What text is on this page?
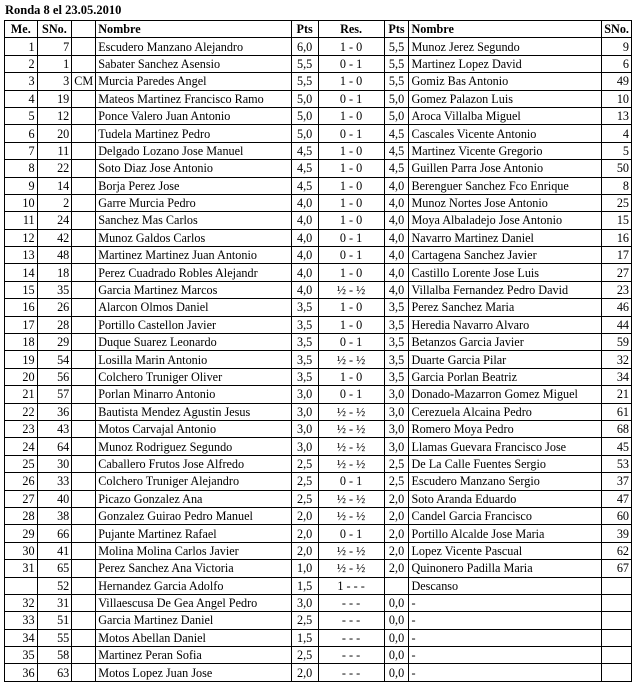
Ronda 8 el 23.05.2010
Me.	SNo.		Nombre	Pts	Res.	Pts	Nombre	SNo.
1	7		Escudero Manzano Alejandro	6,0	1 - 0	5,5	Munoz Jerez Segundo	9
2	1		Sabater Sanchez Asensio	5,5	0 - 1	5,5	Martinez Lopez David	6
3	3	CM	Murcia Paredes Angel	5,5	1 - 0	5,5	Gomiz Bas Antonio	49
4	19		Mateos Martinez Francisco Ramo	5,0	0 - 1	5,0	Gomez Palazon Luis	10
5	12		Ponce Valero Juan Antonio	5,0	1 - 0	5,0	Aroca Villalba Miguel	13
6	20		Tudela Martinez Pedro	5,0	0 - 1	4,5	Cascales Vicente Antonio	4
7	11		Delgado Lozano Jose Manuel	4,5	1 - 0	4,5	Martinez Vicente Gregorio	5
8	22		Soto Diaz Jose Antonio	4,5	1 - 0	4,5	Guillen Parra Jose Antonio	50
9	14		Borja Perez Jose	4,5	1 - 0	4,0	Berenguer Sanchez Fco Enrique	8
10	2		Garre Murcia Pedro	4,0	1 - 0	4,0	Munoz Nortes Jose Antonio	25
11	24		Sanchez Mas Carlos	4,0	1 - 0	4,0	Moya Albaladejo Jose Antonio	15
12	42		Munoz Galdos Carlos	4,0	0 - 1	4,0	Navarro Martinez Daniel	16
13	48		Martinez Martinez Juan Antonio	4,0	0 - 1	4,0	Cartagena Sanchez Javier	17
14	18		Perez Cuadrado Robles Alejandr	4,0	1 - 0	4,0	Castillo Lorente Jose Luis	27
15	35		Garcia Martinez Marcos	4,0	½ - ½	4,0	Villalba Fernandez Pedro David	23
16	26		Alarcon Olmos Daniel	3,5	1 - 0	3,5	Perez Sanchez Maria	46
17	28		Portillo Castellon Javier	3,5	1 - 0	3,5	Heredia Navarro Alvaro	44
18	29		Duque Suarez Leonardo	3,5	0 - 1	3,5	Betanzos Garcia Javier	59
19	54		Losilla Marin Antonio	3,5	½ - ½	3,5	Duarte Garcia Pilar	32
20	56		Colchero Truniger Oliver	3,5	1 - 0	3,5	Garcia Porlan Beatriz	34
21	57		Porlan Minarro Antonio	3,0	0 - 1	3,0	Donado-Mazarron Gomez Miguel	21
22	36		Bautista Mendez Agustin Jesus	3,0	½ - ½	3,0	Cerezuela Alcaina Pedro	61
23	43		Motos Carvajal Antonio	3,0	½ - ½	3,0	Romero Moya Pedro	68
24	64		Munoz Rodriguez Segundo	3,0	½ - ½	3,0	Llamas Guevara Francisco Jose	45
25	30		Caballero Frutos Jose Alfredo	2,5	½ - ½	2,5	De La Calle Fuentes Sergio	53
26	33		Colchero Truniger Alejandro	2,5	0 - 1	2,5	Escudero Manzano Sergio	37
27	40		Picazo Gonzalez Ana	2,5	½ - ½	2,0	Soto Aranda Eduardo	47
28	38		Gonzalez Guirao Pedro Manuel	2,0	½ - ½	2,0	Candel Garcia Francisco	60
29	66		Pujante Martinez Rafael	2,0	0 - 1	2,0	Portillo Alcalde Jose Maria	39
30	41		Molina Molina Carlos Javier	2,0	½ - ½	2,0	Lopez Vicente Pascual	62
31	65		Perez Sanchez Ana Victoria	1,0	½ - ½	2,0	Quinonero Padilla Maria	67
	52		Hernandez Garcia Adolfo	1,5	1 - - -		Descanso	
32	31		Villaescusa De Gea Angel Pedro	3,0	- - -	0,0	-	
33	51		Garcia Martinez Daniel	2,5	- - -	0,0	-	
34	55		Motos Abellan Daniel	1,5	- - -	0,0	-	
35	58		Martinez Peran Sofia	2,5	- - -	0,0	-	
36	63		Motos Lopez Juan Jose	2,0	- - -	0,0	-	
